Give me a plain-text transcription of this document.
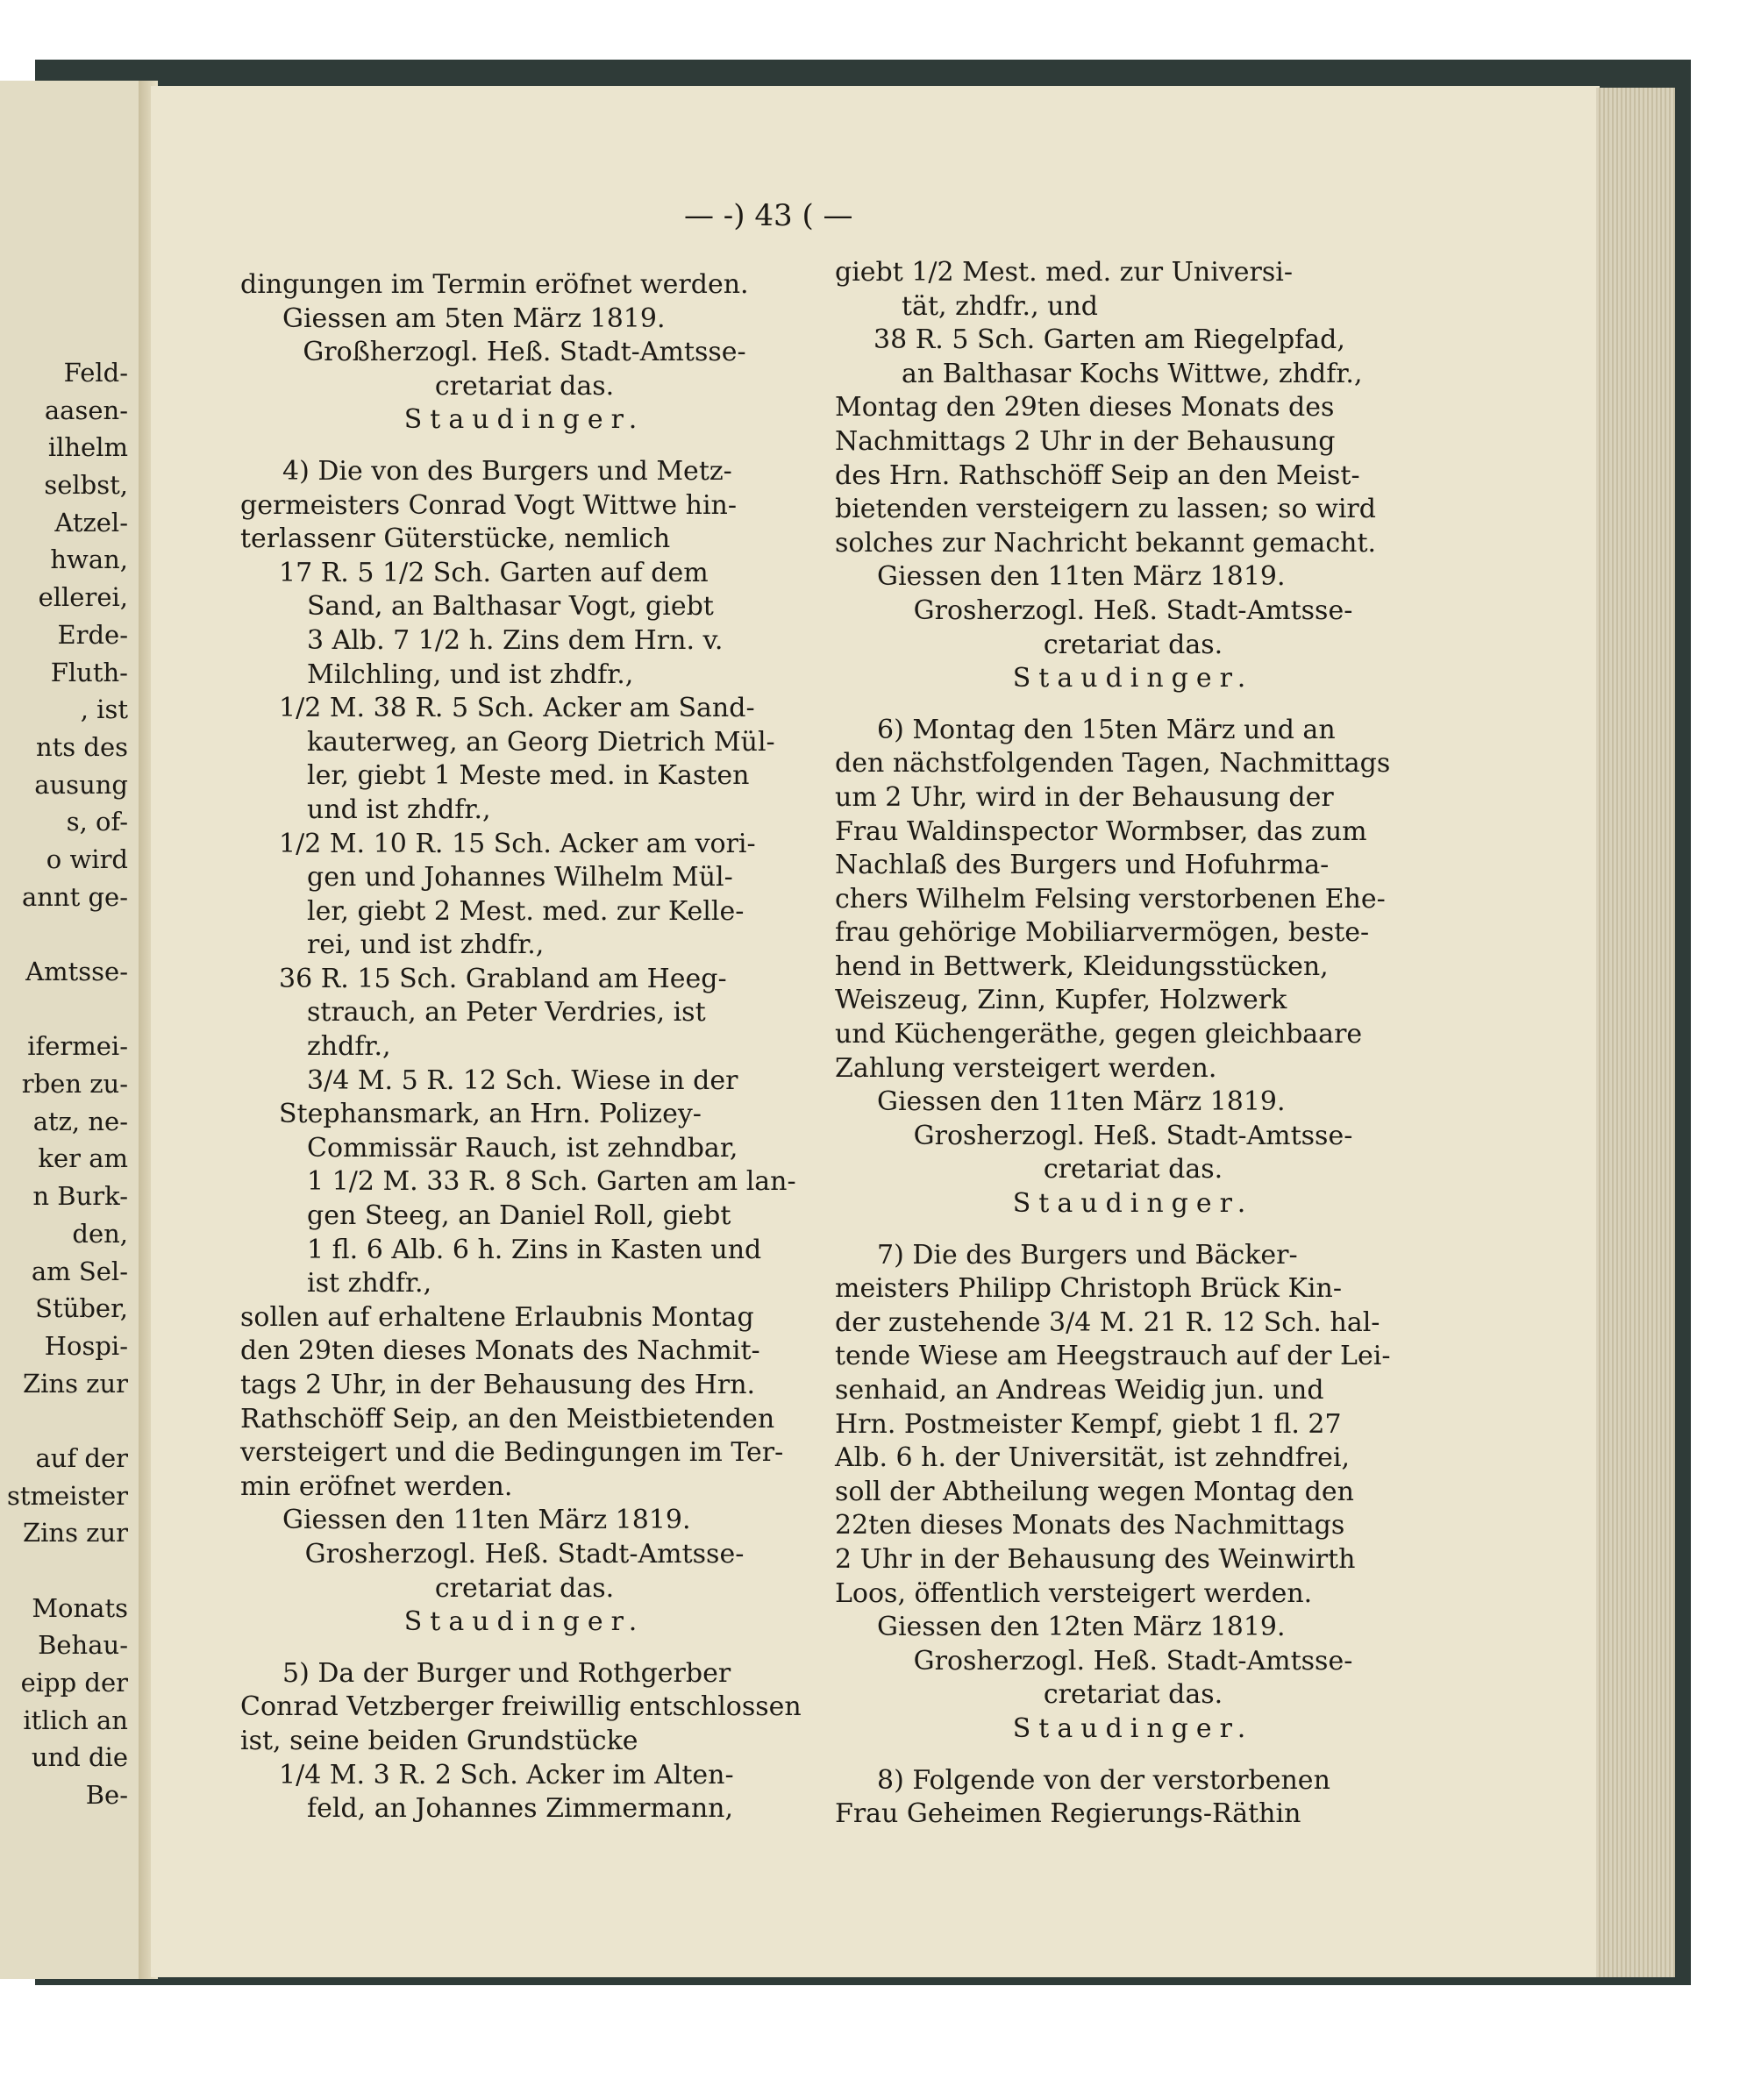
Feld-
aasen-
ilhelm
selbst,
Atzel-
hwan,
ellerei,
Erde-
Fluth-
, ist
nts des
ausung
s, of-
o wird
annt ge-
Amtsse-
ifermei-
rben zu-
atz, ne-
ker am
n Burk-
den,
am Sel-
Stüber,
Hospi-
Zins zur
auf der
stmeister
Zins zur
Monats
Behau-
eipp der
itlich an
und die
Be-
— -) 43 ( —
dingungen im Termin eröfnet werden.
Giessen am 5ten März 1819.
Großherzogl. Heß. Stadt-Amtsse-
cretariat das.
Staudinger.
4) Die von des Burgers und Metz-
germeisters Conrad Vogt Wittwe hin-
terlassenr Güterstücke, nemlich
17 R. 5 1/2 Sch. Garten auf dem
Sand, an Balthasar Vogt, giebt
3 Alb. 7 1/2 h. Zins dem Hrn. v.
Milchling, und ist zhdfr.,
1/2 M. 38 R. 5 Sch. Acker am Sand-
kauterweg, an Georg Dietrich Mül-
ler, giebt 1 Meste med. in Kasten
und ist zhdfr.,
1/2 M. 10 R. 15 Sch. Acker am vori-
gen und Johannes Wilhelm Mül-
ler, giebt 2 Mest. med. zur Kelle-
rei, und ist zhdfr.,
36 R. 15 Sch. Grabland am Heeg-
strauch, an Peter Verdries, ist
zhdfr.,
3/4 M. 5 R. 12 Sch. Wiese in der
Stephansmark, an Hrn. Polizey-
Commissär Rauch, ist zehndbar,
1 1/2 M. 33 R. 8 Sch. Garten am lan-
gen Steeg, an Daniel Roll, giebt
1 fl. 6 Alb. 6 h. Zins in Kasten und
ist zhdfr.,
sollen auf erhaltene Erlaubnis Montag
den 29ten dieses Monats des Nachmit-
tags 2 Uhr, in der Behausung des Hrn.
Rathschöff Seip, an den Meistbietenden
versteigert und die Bedingungen im Ter-
min eröfnet werden.
Giessen den 11ten März 1819.
Grosherzogl. Heß. Stadt-Amtsse-
cretariat das.
Staudinger.
5) Da der Burger und Rothgerber
Conrad Vetzberger freiwillig entschlossen
ist, seine beiden Grundstücke
1/4 M. 3 R. 2 Sch. Acker im Alten-
feld, an Johannes Zimmermann,
giebt 1/2 Mest. med. zur Universi-
tät, zhdfr., und
38 R. 5 Sch. Garten am Riegelpfad,
an Balthasar Kochs Wittwe, zhdfr.,
Montag den 29ten dieses Monats des
Nachmittags 2 Uhr in der Behausung
des Hrn. Rathschöff Seip an den Meist-
bietenden versteigern zu lassen; so wird
solches zur Nachricht bekannt gemacht.
Giessen den 11ten März 1819.
Grosherzogl. Heß. Stadt-Amtsse-
cretariat das.
Staudinger.
6) Montag den 15ten März und an
den nächstfolgenden Tagen, Nachmittags
um 2 Uhr, wird in der Behausung der
Frau Waldinspector Wormbser, das zum
Nachlaß des Burgers und Hofuhrma-
chers Wilhelm Felsing verstorbenen Ehe-
frau gehörige Mobiliarvermögen, beste-
hend in Bettwerk, Kleidungsstücken,
Weiszeug, Zinn, Kupfer, Holzwerk
und Küchengeräthe, gegen gleichbaare
Zahlung versteigert werden.
Giessen den 11ten März 1819.
Grosherzogl. Heß. Stadt-Amtsse-
cretariat das.
Staudinger.
7) Die des Burgers und Bäcker-
meisters Philipp Christoph Brück Kin-
der zustehende 3/4 M. 21 R. 12 Sch. hal-
tende Wiese am Heegstrauch auf der Lei-
senhaid, an Andreas Weidig jun. und
Hrn. Postmeister Kempf, giebt 1 fl. 27
Alb. 6 h. der Universität, ist zehndfrei,
soll der Abtheilung wegen Montag den
22ten dieses Monats des Nachmittags
2 Uhr in der Behausung des Weinwirth
Loos, öffentlich versteigert werden.
Giessen den 12ten März 1819.
Grosherzogl. Heß. Stadt-Amtsse-
cretariat das.
Staudinger.
8) Folgende von der verstorbenen
Frau Geheimen Regierungs-Räthin
